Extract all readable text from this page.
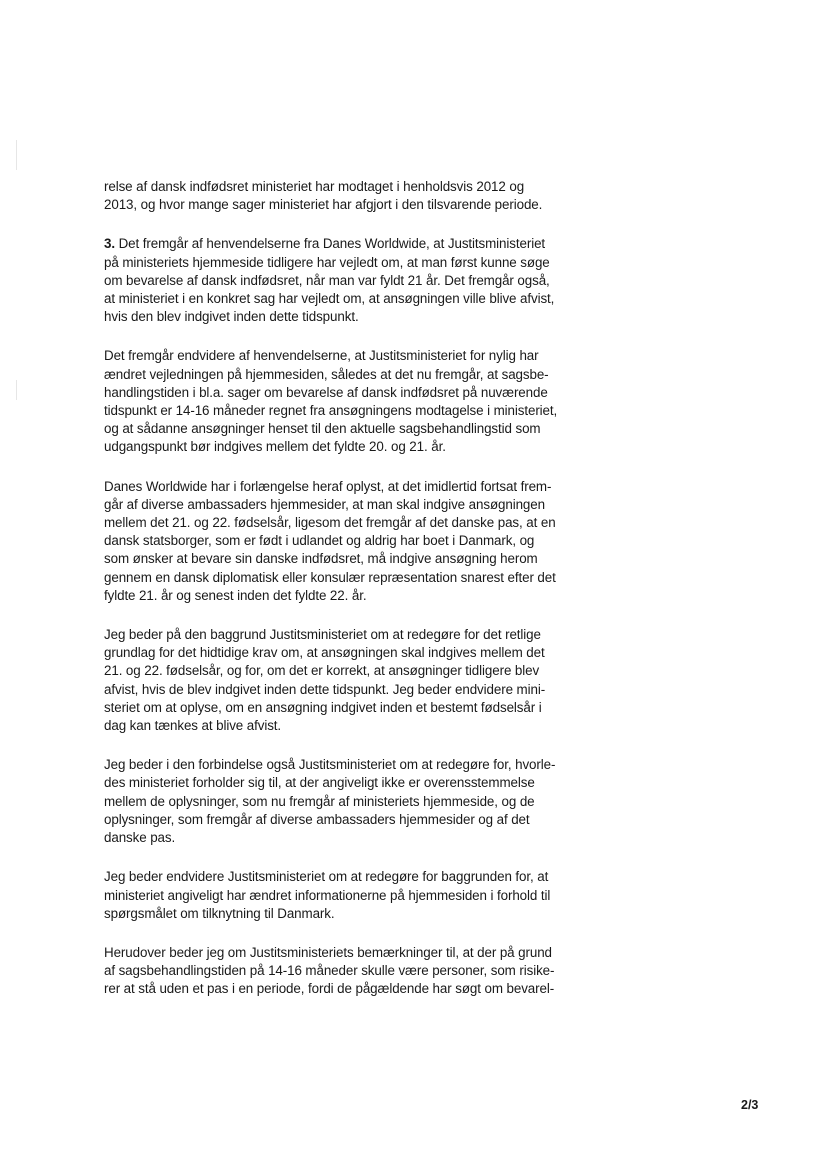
relse af dansk indfødsret ministeriet har modtaget i henholdsvis 2012 og
2013, og hvor mange sager ministeriet har afgjort i den tilsvarende periode.

3. Det fremgår af henvendelserne fra Danes Worldwide, at Justitsministeriet
på ministeriets hjemmeside tidligere har vejledt om, at man først kunne søge
om bevarelse af dansk indfødsret, når man var fyldt 21 år. Det fremgår også,
at ministeriet i en konkret sag har vejledt om, at ansøgningen ville blive afvist,
hvis den blev indgivet inden dette tidspunkt.

Det fremgår endvidere af henvendelserne, at Justitsministeriet for nylig har
ændret vejledningen på hjemmesiden, således at det nu fremgår, at sagsbe-
handlingstiden i bl.a. sager om bevarelse af dansk indfødsret på nuværende
tidspunkt er 14-16 måneder regnet fra ansøgningens modtagelse i ministeriet,
og at sådanne ansøgninger henset til den aktuelle sagsbehandlingstid som
udgangspunkt bør indgives mellem det fyldte 20. og 21. år.

Danes Worldwide har i forlængelse heraf oplyst, at det imidlertid fortsat frem-
går af diverse ambassaders hjemmesider, at man skal indgive ansøgningen
mellem det 21. og 22. fødselsår, ligesom det fremgår af det danske pas, at en
dansk statsborger, som er født i udlandet og aldrig har boet i Danmark, og
som ønsker at bevare sin danske indfødsret, må indgive ansøgning herom
gennem en dansk diplomatisk eller konsulær repræsentation snarest efter det
fyldte 21. år og senest inden det fyldte 22. år.

Jeg beder på den baggrund Justitsministeriet om at redegøre for det retlige
grundlag for det hidtidige krav om, at ansøgningen skal indgives mellem det
21. og 22. fødselsår, og for, om det er korrekt, at ansøgninger tidligere blev
afvist, hvis de blev indgivet inden dette tidspunkt. Jeg beder endvidere mini-
steriet om at oplyse, om en ansøgning indgivet inden et bestemt fødselsår i
dag kan tænkes at blive afvist.

Jeg beder i den forbindelse også Justitsministeriet om at redegøre for, hvorle-
des ministeriet forholder sig til, at der angiveligt ikke er overensstemmelse
mellem de oplysninger, som nu fremgår af ministeriets hjemmeside, og de
oplysninger, som fremgår af diverse ambassaders hjemmesider og af det
danske pas.

Jeg beder endvidere Justitsministeriet om at redegøre for baggrunden for, at
ministeriet angiveligt har ændret informationerne på hjemmesiden i forhold til
spørgsmålet om tilknytning til Danmark.

Herudover beder jeg om Justitsministeriets bemærkninger til, at der på grund
af sagsbehandlingstiden på 14-16 måneder skulle være personer, som risike-
rer at stå uden et pas i en periode, fordi de pågældende har søgt om bevarel-

2/3
